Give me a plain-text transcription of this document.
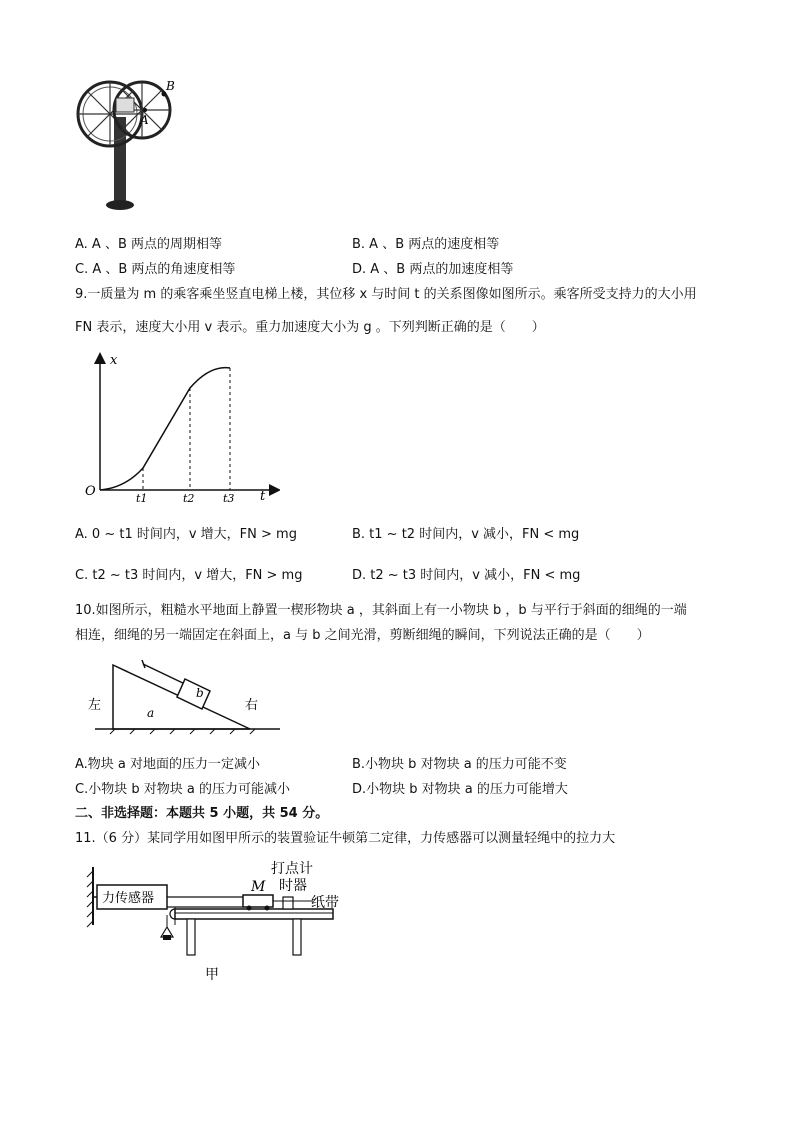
B
A
A. A 、B 两点的周期相等	B. A 、B 两点的速度相等
C. A 、B 两点的角速度相等	D. A 、B 两点的加速度相等
9.一质量为 m 的乘客乘坐竖直电梯上楼，其位移 x 与时间 t 的关系图像如图所示。乘客所受支持力的大小用
FN 表示，速度大小用 v 表示。重力加速度大小为 g 。下列判断正确的是（　　）
x
t
O	t1	t2	t3
A. 0 ~ t1 时间内，v 增大，FN > mg	B. t1 ~ t2 时间内，v 减小，FN < mg
C. t2 ~ t3 时间内，v 增大，FN > mg	D. t2 ~ t3 时间内，v 减小，FN < mg
10.如图所示，粗糙水平地面上静置一楔形物块 a ，其斜面上有一小物块 b ，b 与平行于斜面的细绳的一端
相连，细绳的另一端固定在斜面上，a 与 b 之间光滑，剪断细绳的瞬间，下列说法正确的是（　　）
b
a
左	右
A.物块 a 对地面的压力一定减小	B.小物块 b 对物块 a 的压力可能不变
C.小物块 b 对物块 a 的压力可能减小	D.小物块 b 对物块 a 的压力可能增大
二、非选择题：本题共 5 小题，共 54 分。
11.（6 分）某同学用如图甲所示的装置验证牛顿第二定律，力传感器可以测量轻绳中的拉力大
力传感器
M
打点计
时器
纸带
甲
